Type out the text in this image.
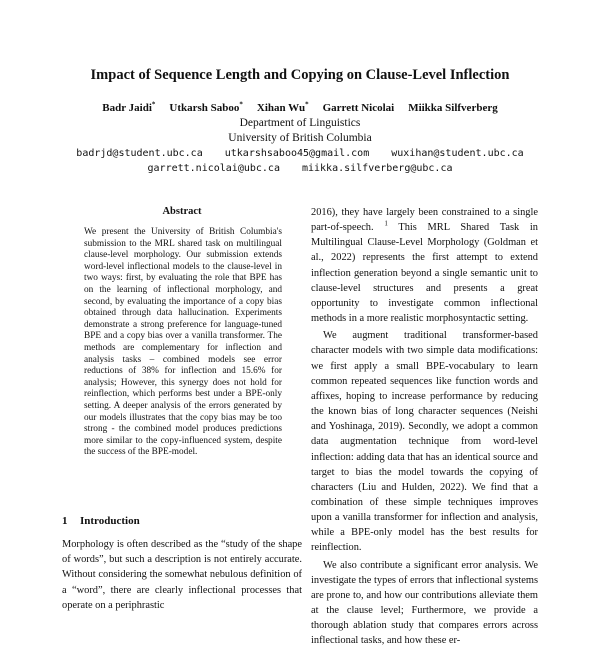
Impact of Sequence Length and Copying on Clause-Level Inflection
Badr Jaidi* Utkarsh Saboo* Xihan Wu* Garrett Nicolai Miikka Silfverberg
Department of Linguistics
University of British Columbia
badrjd@student.ubc.ca utkarshsaboo45@gmail.com wuxihan@student.ubc.ca
garrett.nicolai@ubc.ca miikka.silfverberg@ubc.ca
Abstract

We present the University of British Columbia's submission to the MRL shared task on multilingual clause-level morphology. Our submission extends word-level inflectional models to the clause-level in two ways: first, by evaluating the role that BPE has on the learning of inflectional morphology, and second, by evaluating the importance of a copy bias obtained through data hallucination. Experiments demonstrate a strong preference for language-tuned BPE and a copy bias over a vanilla transformer. The methods are complementary for inflection and analysis tasks – combined models see error reductions of 38% for inflection and 15.6% for analysis; However, this synergy does not hold for reinflection, which performs best under a BPE-only setting. A deeper analysis of the errors generated by our models illustrates that the copy bias may be too strong - the combined model produces predictions more similar to the copy-influenced system, despite the success of the BPE-model.

1 Introduction

Morphology is often described as the “study of the shape of words”, but such a description is not entirely accurate. Without considering the somewhat nebulous definition of a “word”, there are clearly inflectional processes that operate on a periphrastic

2016), they have largely been constrained to a single part-of-speech. $^1$ This MRL Shared Task in Multilingual Clause-Level Morphology (Goldman et al., 2022) represents the first attempt to extend inflection generation beyond a single semantic unit to clause-level structures and presents a great opportunity to investigate common inflectional methods in a more realistic morphosyntactic setting.

We augment traditional transformer-based character models with two simple data modifications: we first apply a small BPE-vocabulary to learn common repeated sequences like function words and affixes, hoping to increase performance by reducing the known bias of long character sequences (Neishi and Yoshinaga, 2019). Secondly, we adopt a common data augmentation technique from word-level inflection: adding data that has an identical source and target to bias the model towards the copying of characters (Liu and Hulden, 2022). We find that a combination of these simple techniques improves upon a vanilla transformer for inflection and analysis, while a BPE-only model has the best results for reinflection.

We also contribute a significant error analysis. We investigate the types of errors that inflectional systems are prone to, and how our contributions alleviate them at the clause level; Furthermore, we provide a thorough ablation study that compares errors across inflectional tasks, and how these er-
